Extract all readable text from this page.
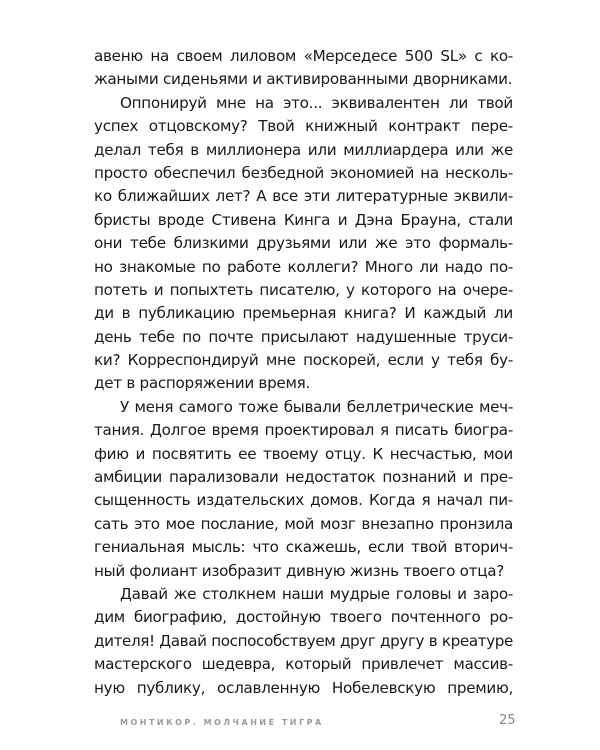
авеню на своем лиловом «Мерседесе 500 SL» с ко-
жаными сиденьями и активированными дворниками.
Оппонируй мне на это... эквивалентен ли твой
успех отцовскому? Твой книжный контракт пере-
делал тебя в миллионера или миллиардера или же
просто обеспечил безбедной экономией на несколь-
ко ближайших лет? А все эти литературные эквили-
бристы вроде Стивена Кинга и Дэна Брауна, стали
они тебе близкими друзьями или же это формаль-
но знакомые по работе коллеги? Много ли надо по-
потеть и попыхтеть писателю, у которого на очере-
ди в публикацию премьерная книга? И каждый ли
день тебе по почте присылают надушенные труси-
ки? Корреспондируй мне поскорей, если у тебя бу-
дет в распоряжении время.
У меня самого тоже бывали беллетрические меч-
тания. Долгое время проектировал я писать биогра-
фию и посвятить ее твоему отцу. К несчастью, мои
амбиции парализовали недостаток познаний и пре-
сыщенность издательских домов. Когда я начал пи-
сать это мое послание, мой мозг внезапно пронзила
гениальная мысль: что скажешь, если твой вторич-
ный фолиант изобразит дивную жизнь твоего отца?
Давай же столкнем наши мудрые головы и заро-
дим биографию, достойную твоего почтенного ро-
дителя! Давай поспособствуем друг другу в креатуре
мастерского шедевра, который привлечет массив-
ную публику, ославленную Нобелевскую премию,
МОНТИКОР. МОЛЧАНИЕ ТИГРА	25
